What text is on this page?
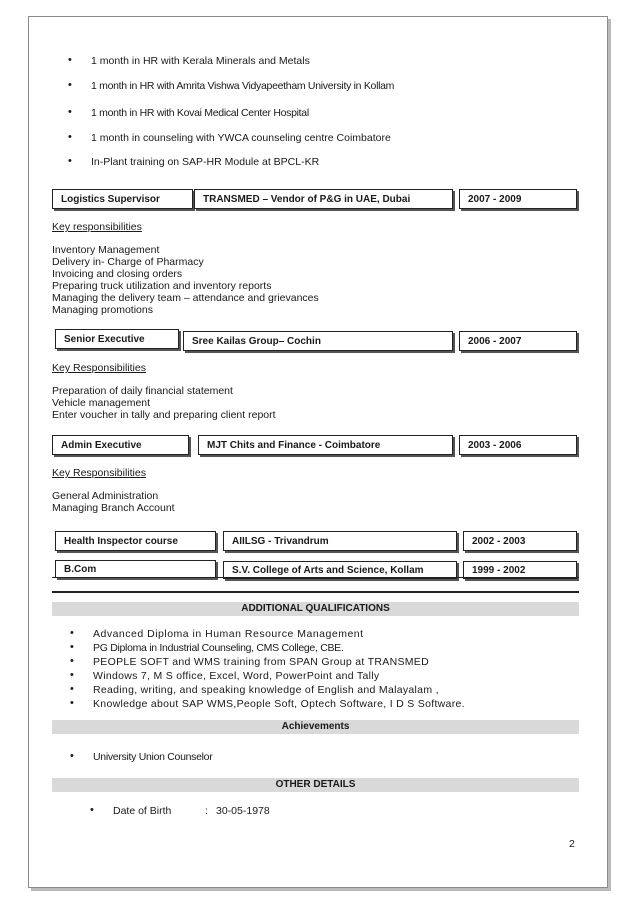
• 1 month in HR with Kerala Minerals and Metals
• 1 month in HR with Amrita Vishwa Vidyapeetham University in Kollam
• 1 month in HR with Kovai Medical Center Hospital
• 1 month in counseling with YWCA counseling centre Coimbatore
• In-Plant training on SAP-HR Module at BPCL-KR
Logistics Supervisor	TRANSMED – Vendor of P&G in UAE, Dubai	2007 - 2009
Key responsibilities
Inventory Management
Delivery in- Charge of Pharmacy
Invoicing and closing orders
Preparing truck utilization and inventory reports
Managing the delivery team – attendance and grievances
Managing promotions
Senior Executive	Sree Kailas Group– Cochin	2006 - 2007
Key Responsibilities
Preparation of daily financial statement
Vehicle management
Enter voucher in tally and preparing client report
Admin Executive	MJT Chits and Finance - Coimbatore	2003 - 2006
Key Responsibilities
General Administration
Managing Branch Account
Health Inspector course	AIILSG - Trivandrum	2002 - 2003
B.Com	S.V. College of Arts and Science, Kollam	1999 - 2002
ADDITIONAL QUALIFICATIONS
• Advanced Diploma in Human Resource Management
• PG Diploma in Industrial Counseling, CMS College, CBE.
• PEOPLE SOFT and WMS training from SPAN Group at TRANSMED
• Windows 7, M S office, Excel, Word, PowerPoint and Tally
• Reading, writing, and speaking knowledge of English and Malayalam ,
• Knowledge about SAP WMS,People Soft, Optech Software, I D S Software.
Achievements
• University Union Counselor
OTHER DETAILS
• Date of Birth	: 30-05-1978
2
